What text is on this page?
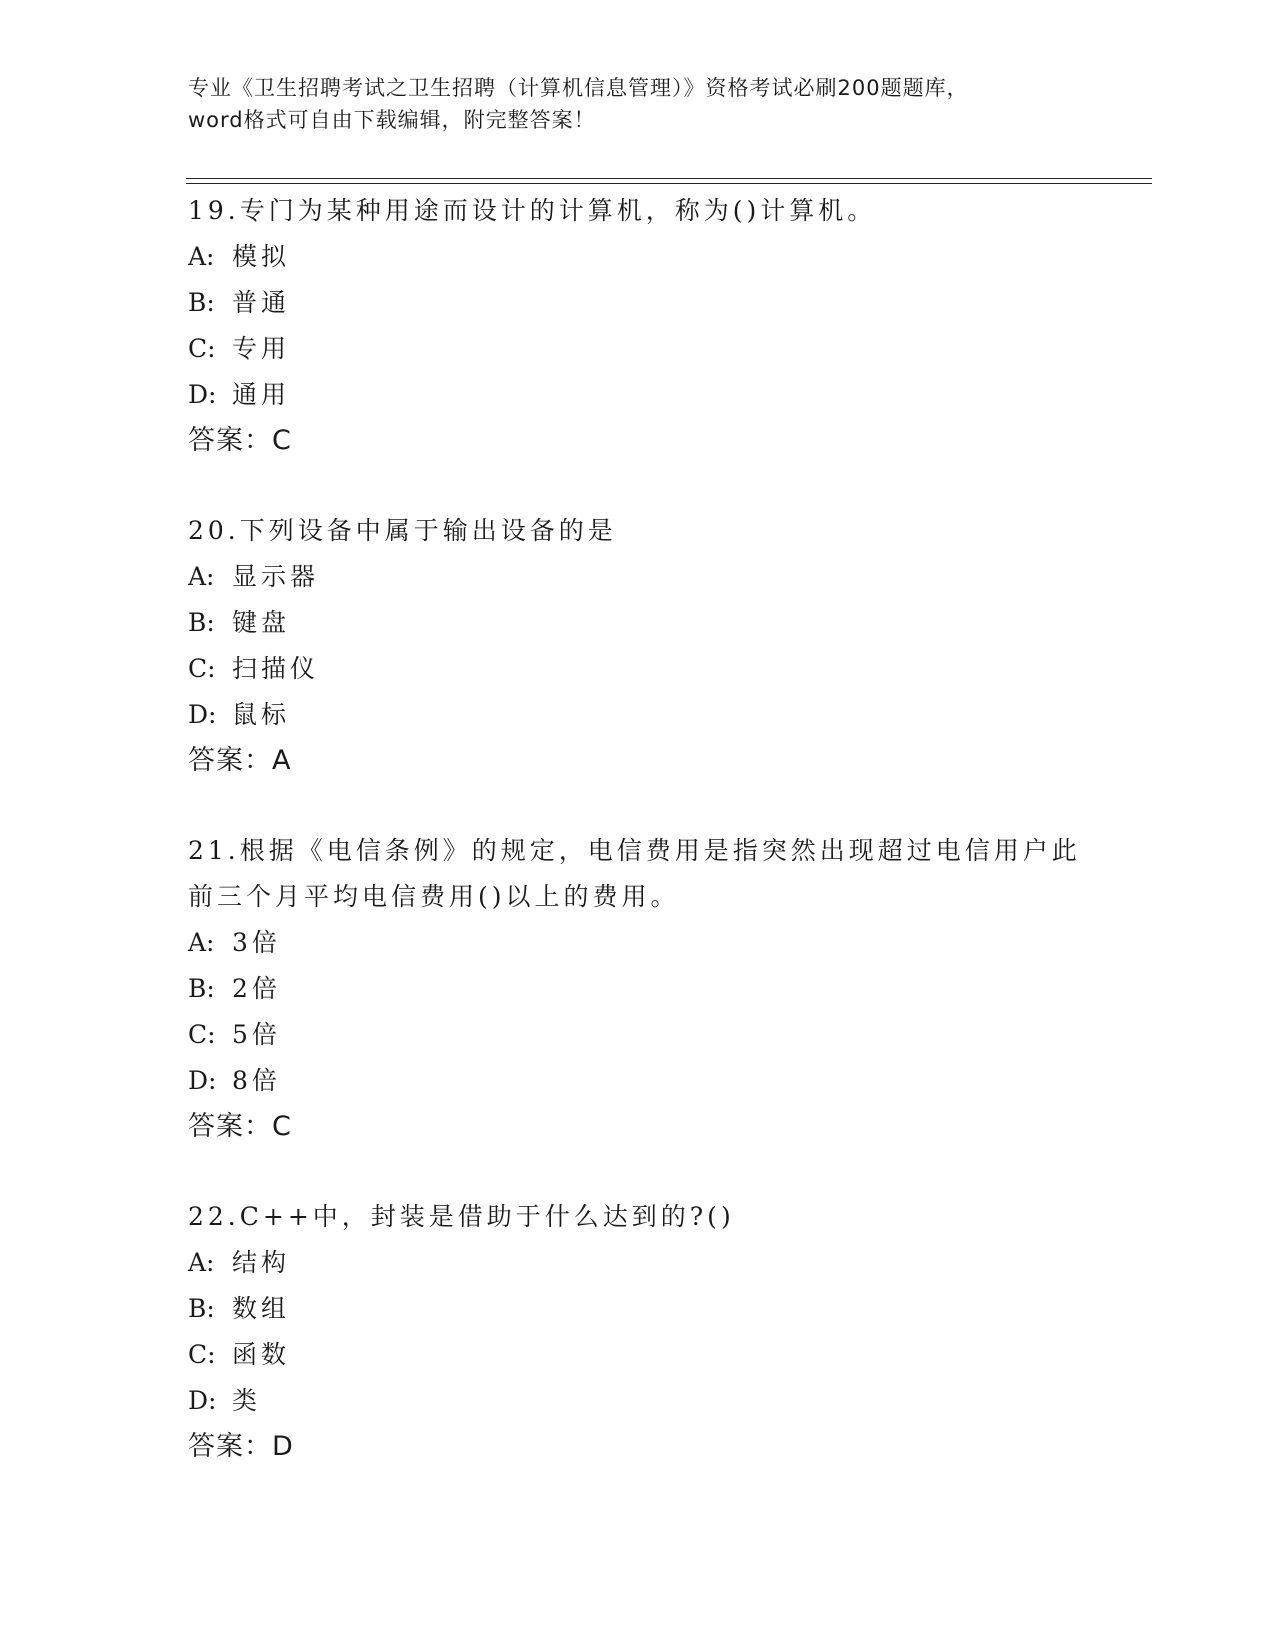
专业《卫生招聘考试之卫生招聘（计算机信息管理）》资格考试必刷200题题库，
word格式可自由下载编辑，附完整答案！
19.专门为某种用途而设计的计算机，称为()计算机。
A: 模拟
B: 普通
C: 专用
D: 通用
答案：C
20.下列设备中属于输出设备的是
A: 显示器
B: 键盘
C: 扫描仪
D: 鼠标
答案：A
21.根据《电信条例》的规定，电信费用是指突然出现超过电信用户此
前三个月平均电信费用()以上的费用。
A: 3倍
B: 2倍
C: 5倍
D: 8倍
答案：C
22.C++中，封装是借助于什么达到的?()
A: 结构
B: 数组
C: 函数
D: 类
答案：D
